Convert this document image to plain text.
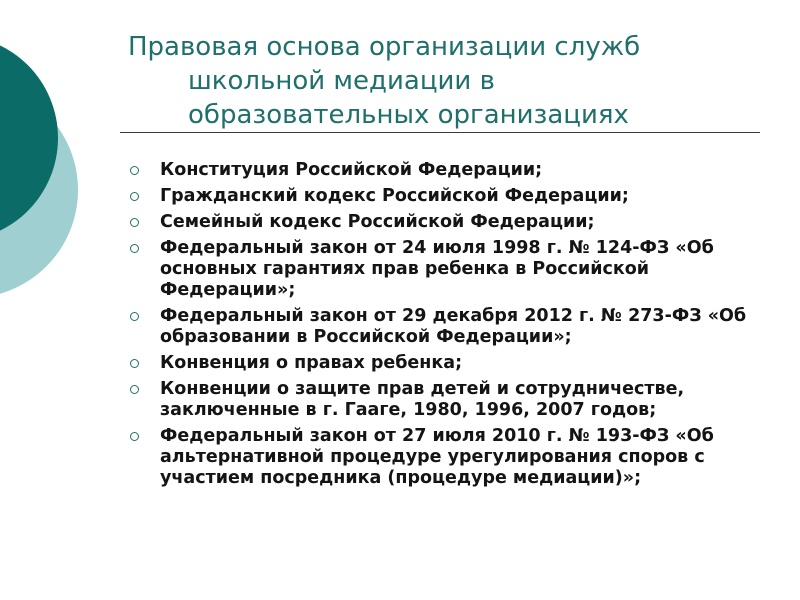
Правовая основа организации служб
школьной медиации в
образовательных организациях
Конституция Российской Федерации;
Гражданский кодекс Российской Федерации;
Семейный кодекс Российской Федерации;
Федеральный закон от 24 июля 1998 г. № 124-ФЗ «Об основных гарантиях прав ребенка в Российской Федерации»;
Федеральный закон от 29 декабря 2012 г. № 273-ФЗ «Об образовании в Российской Федерации»;
Конвенция о правах ребенка;
Конвенции о защите прав детей и сотрудничестве, заключенные в г. Гааге, 1980, 1996, 2007 годов;
Федеральный закон от 27 июля 2010 г. № 193-ФЗ «Об альтернативной процедуре урегулирования споров с участием посредника (процедуре медиации)»;
